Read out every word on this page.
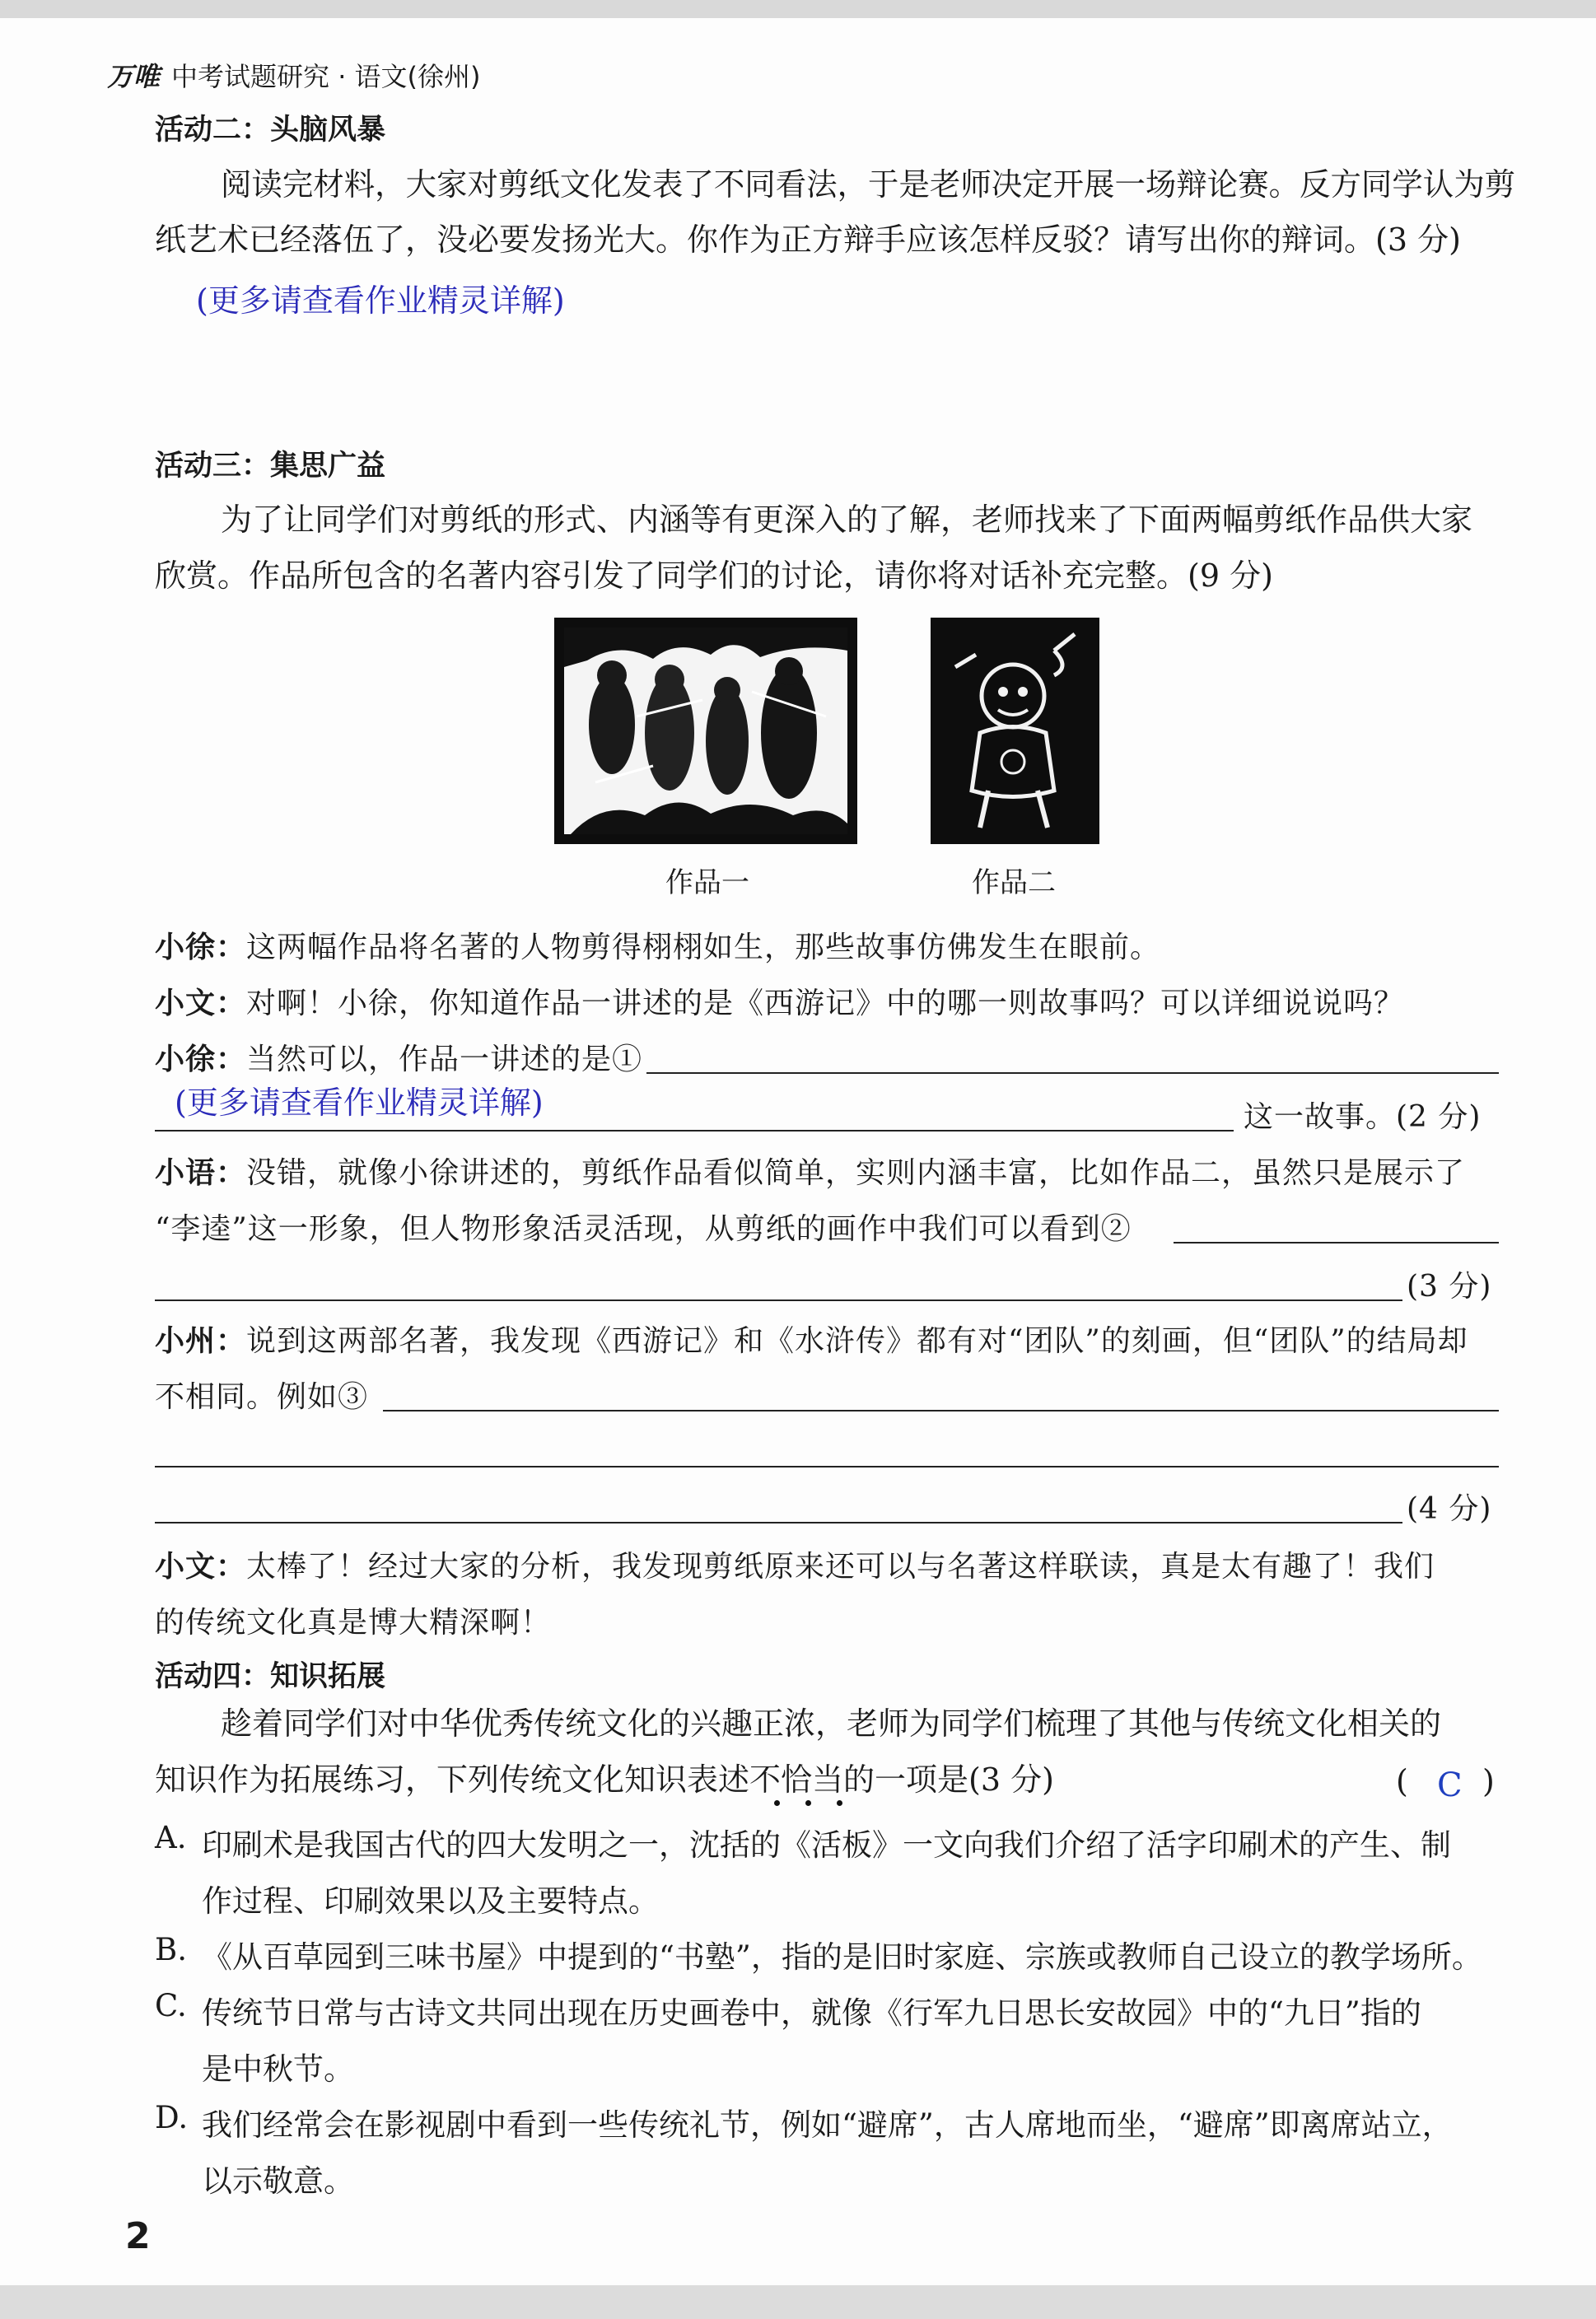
万唯 中考试题研究 · 语文(徐州)
活动二：头脑风暴
阅读完材料，大家对剪纸文化发表了不同看法，于是老师决定开展一场辩论赛。反方同学认为剪
纸艺术已经落伍了，没必要发扬光大。你作为正方辩手应该怎样反驳？请写出你的辩词。(3 分)
(更多请查看作业精灵详解)
活动三：集思广益
为了让同学们对剪纸的形式、内涵等有更深入的了解，老师找来了下面两幅剪纸作品供大家
欣赏。作品所包含的名著内容引发了同学们的讨论，请你将对话补充完整。(9 分)
作品一	作品二
小徐：这两幅作品将名著的人物剪得栩栩如生，那些故事仿佛发生在眼前。
小文：对啊！小徐，你知道作品一讲述的是《西游记》中的哪一则故事吗？可以详细说说吗？
小徐：当然可以，作品一讲述的是①
(更多请查看作业精灵详解)	这一故事。(2 分)
小语：没错，就像小徐讲述的，剪纸作品看似简单，实则内涵丰富，比如作品二，虽然只是展示了
“李逵”这一形象，但人物形象活灵活现，从剪纸的画作中我们可以看到②
(3 分)
小州：说到这两部名著，我发现《西游记》和《水浒传》都有对“团队”的刻画，但“团队”的结局却
不相同。例如③
(4 分)
小文：太棒了！经过大家的分析，我发现剪纸原来还可以与名著这样联读，真是太有趣了！我们
的传统文化真是博大精深啊！
活动四：知识拓展
趁着同学们对中华优秀传统文化的兴趣正浓，老师为同学们梳理了其他与传统文化相关的
知识作为拓展练习，下列传统文化知识表述不恰当的一项是(3 分)	( C )
A. 印刷术是我国古代的四大发明之一，沈括的《活板》一文向我们介绍了活字印刷术的产生、制
作过程、印刷效果以及主要特点。
B. 《从百草园到三味书屋》中提到的“书塾”，指的是旧时家庭、宗族或教师自己设立的教学场所。
C. 传统节日常与古诗文共同出现在历史画卷中，就像《行军九日思长安故园》中的“九日”指的
是中秋节。
D. 我们经常会在影视剧中看到一些传统礼节，例如“避席”，古人席地而坐，“避席”即离席站立，
以示敬意。
2
